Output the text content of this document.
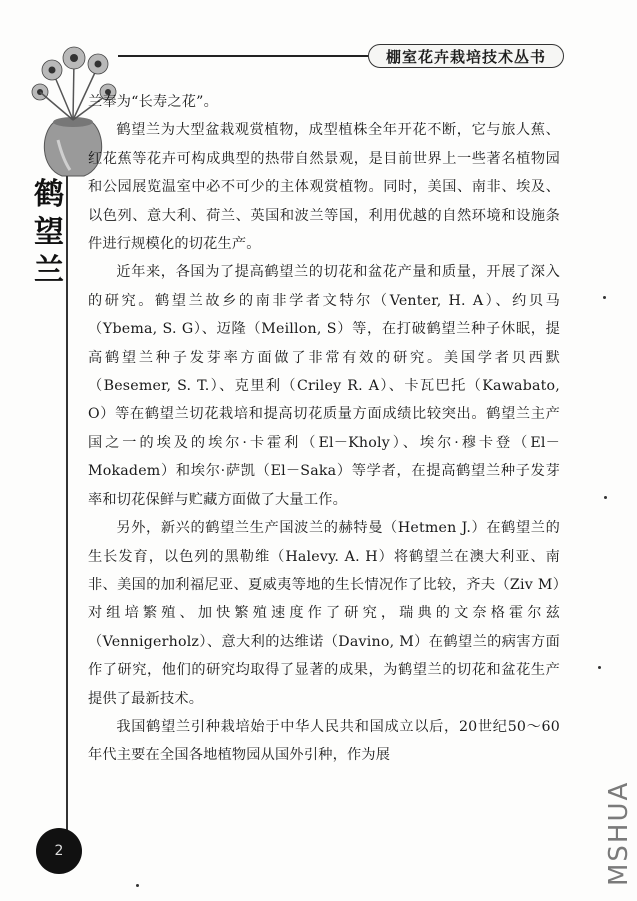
棚室花卉栽培技术丛书
鹤
望
兰

兰奉为“长寿之花”。

鹤望兰为大型盆栽观赏植物，成型植株全年开花不断，它与旅人蕉、红花蕉等花卉可构成典型的热带自然景观，是目前世界上一些著名植物园和公园展览温室中必不可少的主体观赏植物。同时，美国、南非、埃及、以色列、意大利、荷兰、英国和波兰等国，利用优越的自然环境和设施条件进行规模化的切花生产。

近年来，各国为了提高鹤望兰的切花和盆花产量和质量，开展了深入的研究。鹤望兰故乡的南非学者文特尔（Venter, H. A）、约贝马（Ybema, S. G）、迈隆（Meillon, S）等，在打破鹤望兰种子休眠，提高鹤望兰种子发芽率方面做了非常有效的研究。美国学者贝西默（Besemer, S. T.）、克里利（Criley R. A）、卡瓦巴托（Kawabato, O）等在鹤望兰切花栽培和提高切花质量方面成绩比较突出。鹤望兰主产国之一的埃及的埃尔·卡霍利（El－Kholy）、埃尔·穆卡登（El－Mokadem）和埃尔·萨凯（El－Saka）等学者，在提高鹤望兰种子发芽率和切花保鲜与贮藏方面做了大量工作。

另外，新兴的鹤望兰生产国波兰的赫特曼（Hetmen J.）在鹤望兰的生长发育，以色列的黑勒维（Halevy. A. H）将鹤望兰在澳大利亚、南非、美国的加利福尼亚、夏威夷等地的生长情况作了比较，齐夫（Ziv M）对组培繁殖、加快繁殖速度作了研究，瑞典的文奈格霍尔兹（Vennigerholz）、意大利的达维诺（Davino, M）在鹤望兰的病害方面作了研究，他们的研究均取得了显著的成果，为鹤望兰的切花和盆花生产提供了最新技术。

我国鹤望兰引种栽培始于中华人民共和国成立以后，20世纪50～60年代主要在全国各地植物园从国外引种，作为展

2	MSHUA
